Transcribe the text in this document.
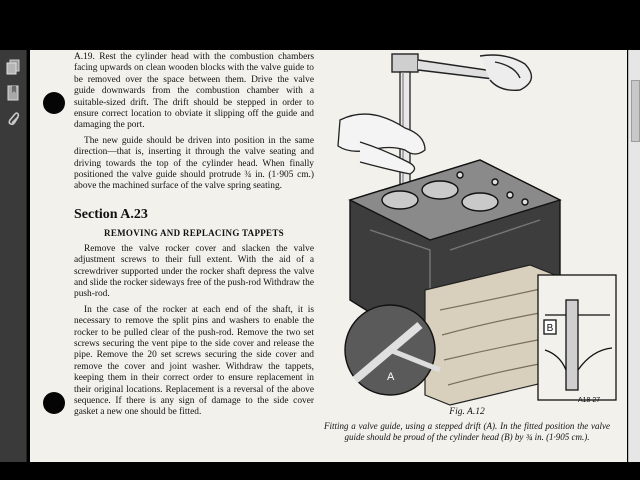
A.19. Rest the cylinder head with the combustion chambers facing upwards on clean wooden blocks with the valve guide to be removed over the space between them. Drive the valve guide downwards from the combustion chamber with a suitable-sized drift. The drift should be stepped in order to ensure correct location to obviate it slipping off the guide and damaging the port.

The new guide should be driven into position in the same direction—that is, inserting it through the valve seating and driving towards the top of the cylinder head. When finally positioned the valve guide should protrude ¾ in. (1·905 cm.) above the machined surface of the valve spring seating.

Section A.23
REMOVING AND REPLACING TAPPETS

Remove the valve rocker cover and slacken the valve adjustment screws to their full extent. With the aid of a screwdriver supported under the rocker shaft depress the valve and slide the rocker sideways free of the push-rod Withdraw the push-rod.

In the case of the rocker at each end of the shaft, it is necessary to remove the split pins and washers to enable the rocker to be pulled clear of the push-rod. Remove the two set screws securing the vent pipe to the side cover and release the pipe. Remove the 20 set screws securing the side cover and remove the cover and joint washer. Withdraw the tappets, keeping them in their correct order to ensure replacement in their original locations. Replacement is a reversal of the above sequence. If there is any sign of damage to the side cover gasket a new one should be fitted.

B
A
A18 27
Fig. A.12
Fitting a valve guide, using a stepped drift (A). In the fitted position the valve guide should be proud of the cylinder head (B) by ¾ in. (1·905 cm.).
